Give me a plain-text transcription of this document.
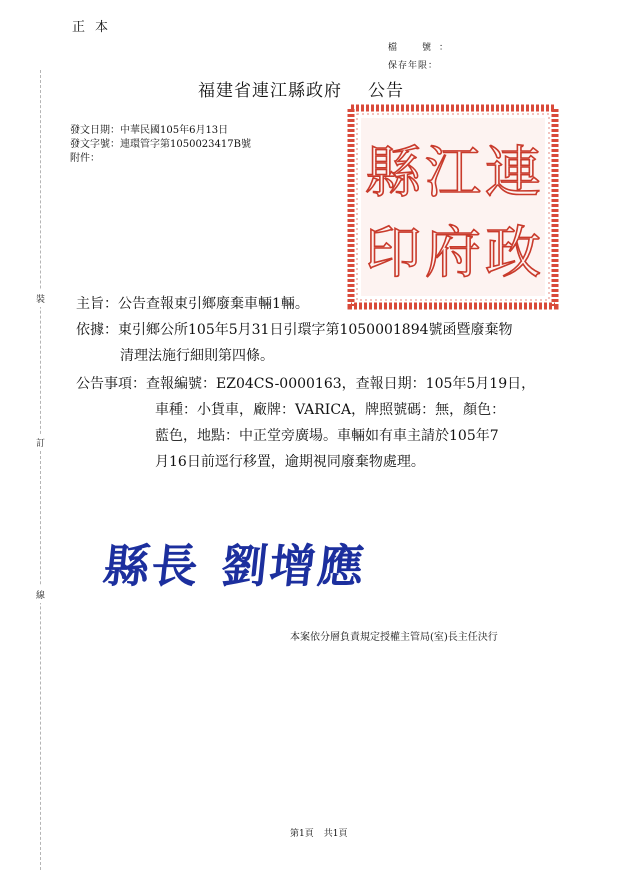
正本
檔　號：
保存年限：
福建省連江縣政府 公告
發文日期：中華民國105年6月13日
發文字號：連環管字第1050023417B號
附件：	連
江
縣
政
府
印
裝
訂
線
主旨：公告查報東引鄉廢棄車輛1輛。
依據：東引鄉公所105年5月31日引環字第1050001894號函暨廢棄物
清理法施行細則第四條。
公告事項：查報編號：EZ04CS-0000163，查報日期：105年5月19日，
車種：小貨車，廠牌：VARICA，牌照號碼：無，顏色：
藍色，地點：中正堂旁廣場。車輛如有車主請於105年7
月16日前逕行移置，逾期視同廢棄物處理。
縣長 劉增應
本案依分層負責規定授權主管局(室)長主任決行
第1頁 共1頁
